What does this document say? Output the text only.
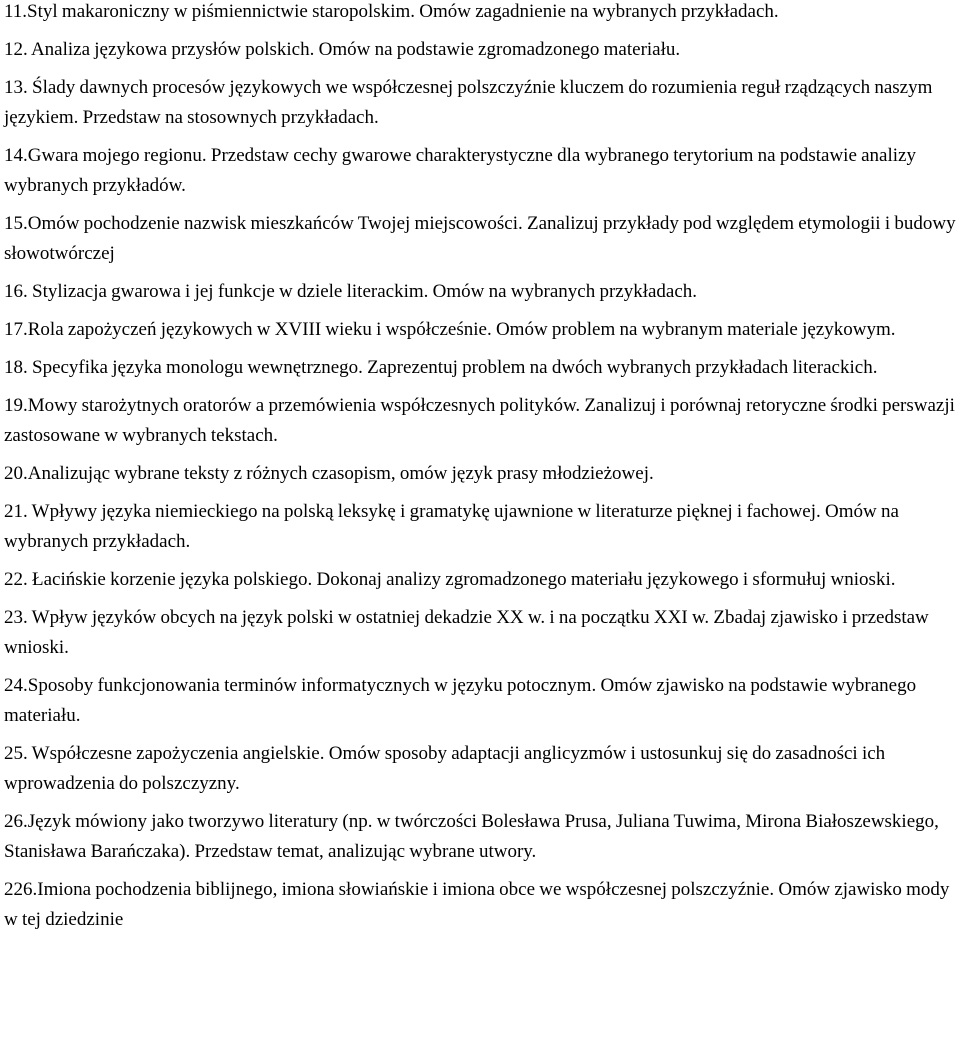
11.Styl makaroniczny w piśmiennictwie staropolskim. Omów zagadnienie na wybranych przykładach.
12. Analiza językowa przysłów polskich. Omów na podstawie zgromadzonego materiału.
13. Ślady dawnych procesów językowych we współczesnej polszczyźnie kluczem do rozumienia reguł rządzących naszym językiem. Przedstaw na stosownych przykładach.
14.Gwara mojego regionu. Przedstaw cechy gwarowe charakterystyczne dla wybranego terytorium na podstawie analizy wybranych przykładów.
15.Omów pochodzenie nazwisk mieszkańców Twojej miejscowości. Zanalizuj przykłady pod względem etymologii i budowy słowotwórczej
16. Stylizacja gwarowa i jej funkcje w dziele literackim. Omów na wybranych przykładach.
17.Rola zapożyczeń językowych w XVIII wieku i współcześnie. Omów problem na wybranym materiale językowym.
18. Specyfika języka monologu wewnętrznego. Zaprezentuj problem na dwóch wybranych przykładach literackich.
19.Mowy starożytnych oratorów a przemówienia współczesnych polityków. Zanalizuj i porównaj retoryczne środki perswazji zastosowane w wybranych tekstach.
20.Analizując wybrane teksty z różnych czasopism, omów język prasy młodzieżowej.
21. Wpływy języka niemieckiego na polską leksykę i gramatykę ujawnione w literaturze pięknej i fachowej. Omów na wybranych przykładach.
22. Łacińskie korzenie języka polskiego. Dokonaj analizy zgromadzonego materiału językowego i sformułuj wnioski.
23. Wpływ języków obcych na język polski w ostatniej dekadzie XX w. i na początku XXI w. Zbadaj zjawisko i przedstaw wnioski.
24.Sposoby funkcjonowania terminów informatycznych w języku potocznym. Omów zjawisko na podstawie wybranego materiału.
25. Współczesne zapożyczenia angielskie. Omów sposoby adaptacji anglicyzmów i ustosunkuj się do zasadności ich wprowadzenia do polszczyzny.
26.Język mówiony jako tworzywo literatury (np. w twórczości Bolesława Prusa, Juliana Tuwima, Mirona Białoszewskiego, Stanisława Barańczaka). Przedstaw temat, analizując wybrane utwory.
226.Imiona pochodzenia biblijnego, imiona słowiańskie i imiona obce we współczesnej polszczyźnie. Omów zjawisko mody w tej dziedzinie
